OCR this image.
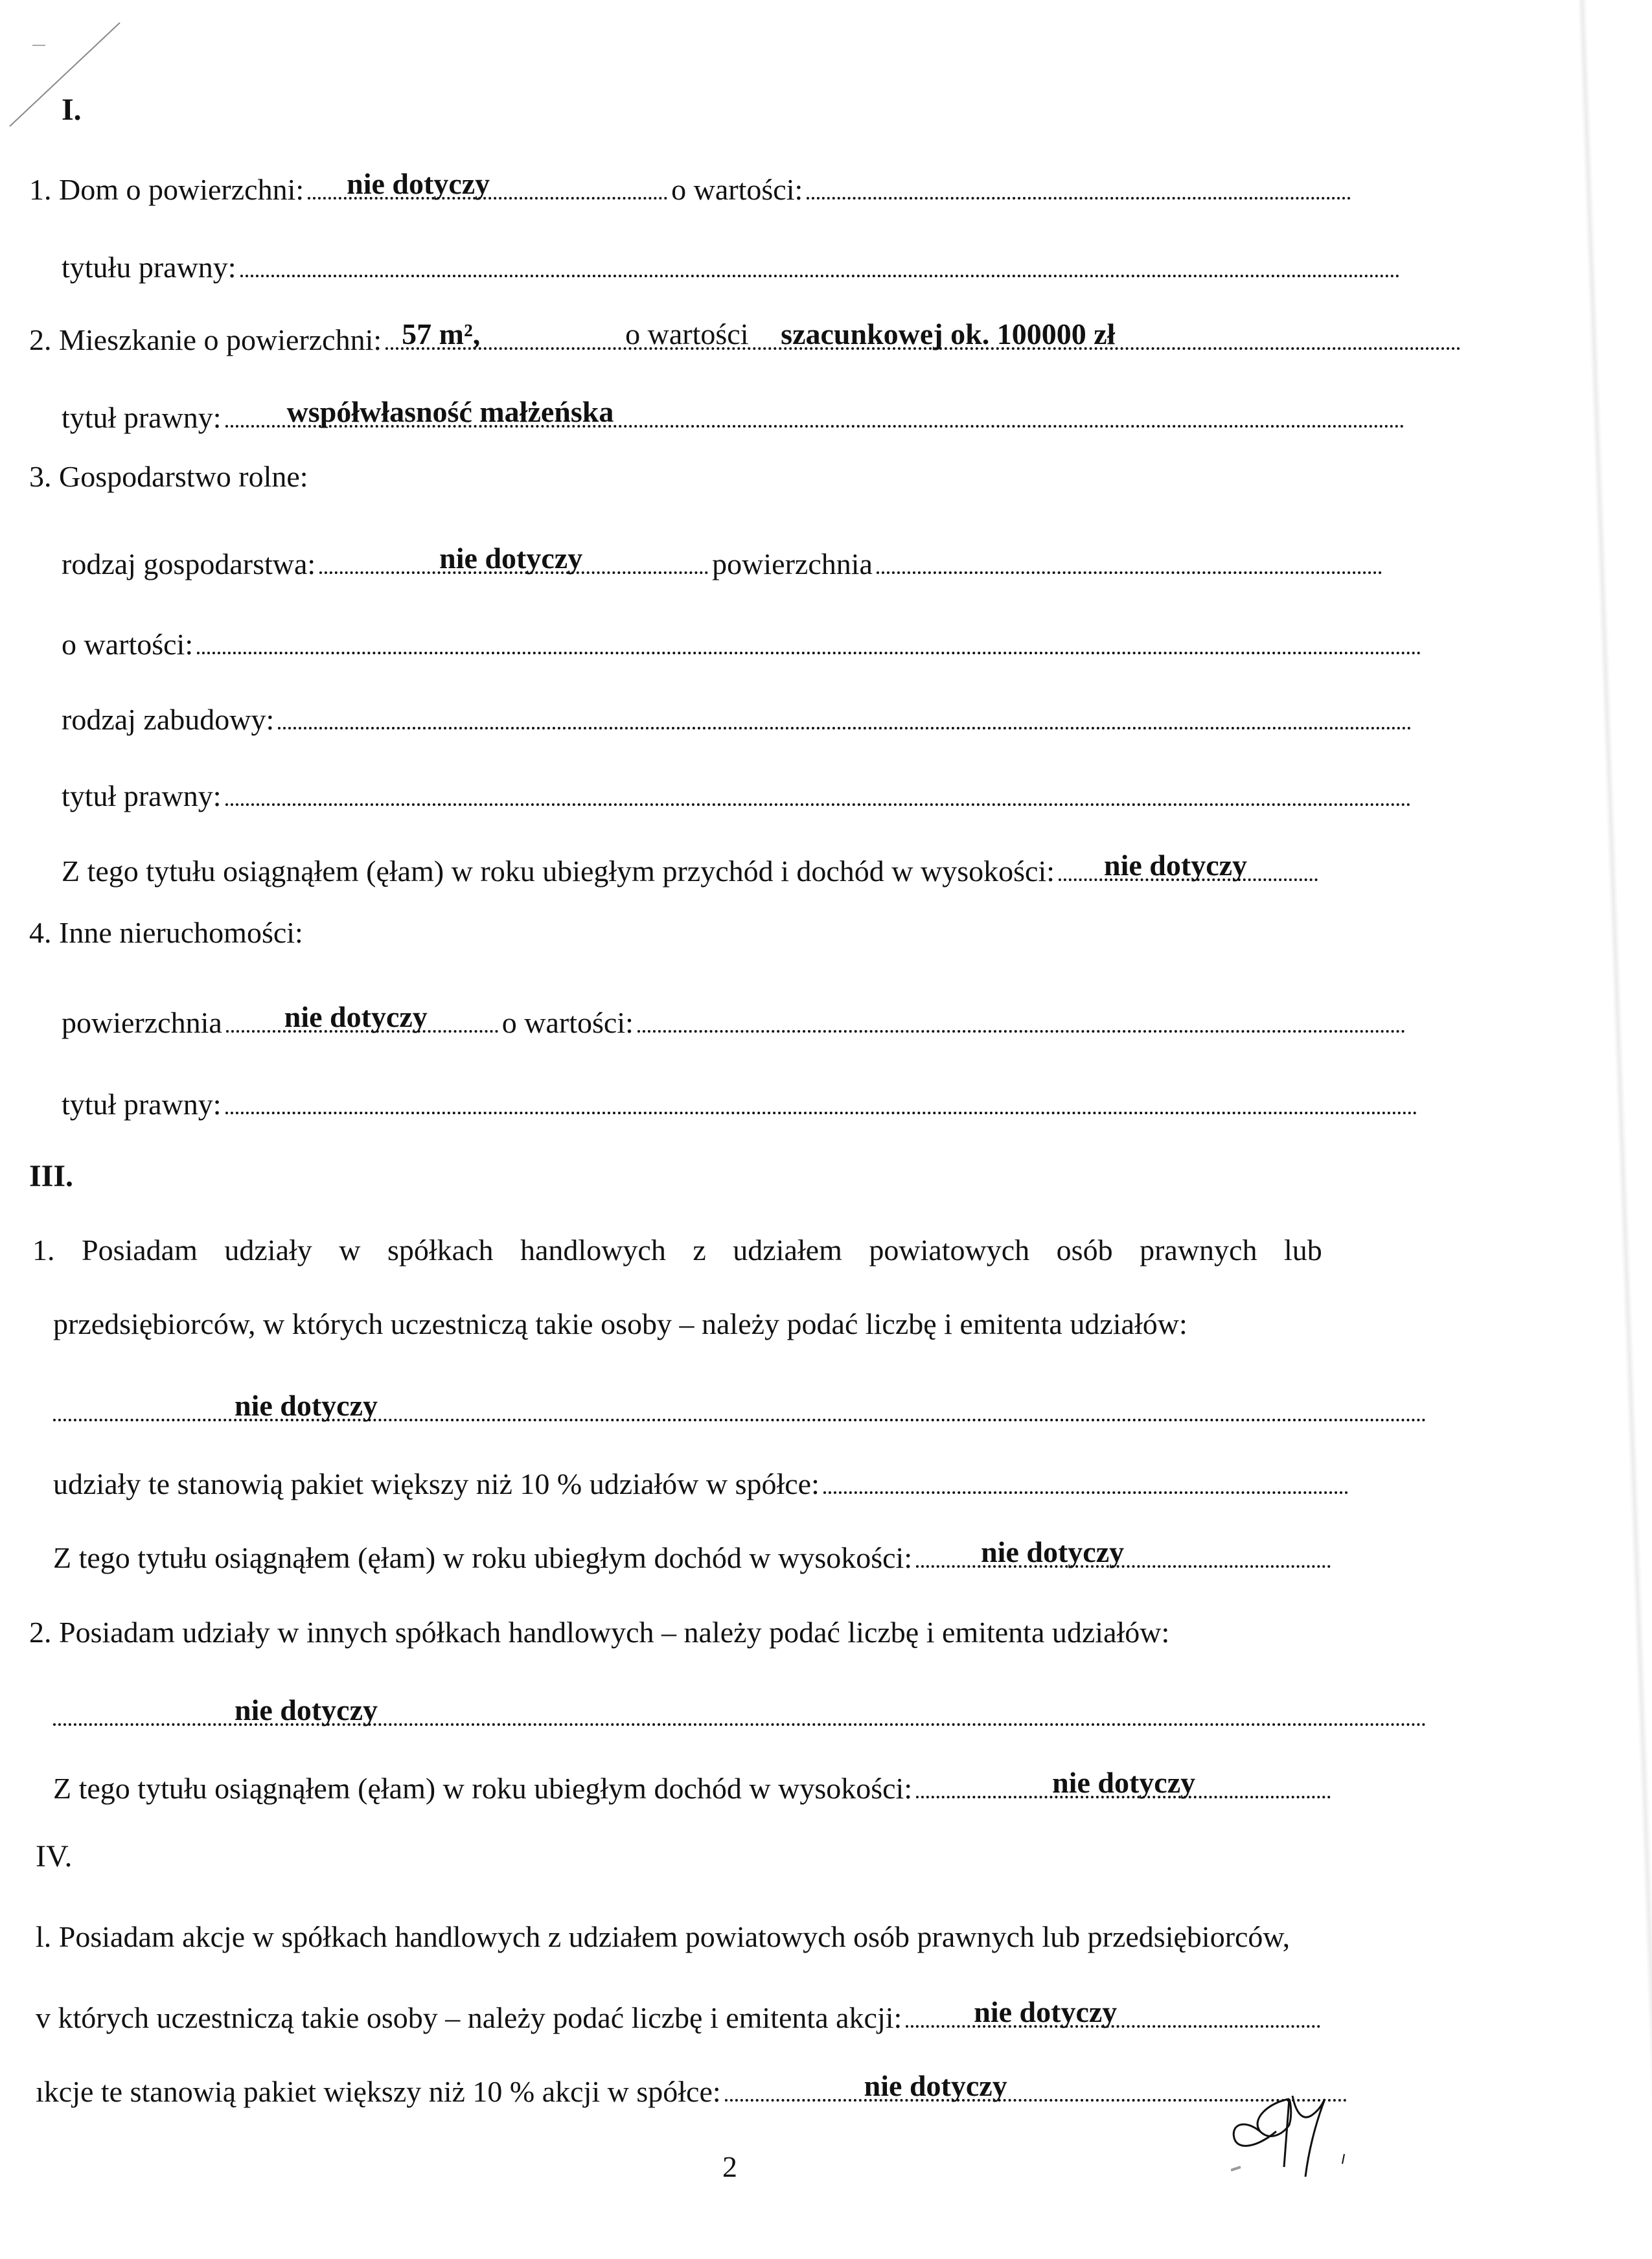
I.
1. Dom o powierzchni: nie dotyczy	o wartości:
tytułu prawny:
2. Mieszkanie o powierzchni: 57 m²,	o wartości szacunkowej ok. 100000 zł
tytuł prawny: współwłasność małżeńska
3. Gospodarstwo rolne:
rodzaj gospodarstwa:	nie dotyczy	powierzchnia
o wartości:
rodzaj zabudowy:
tytuł prawny:
Z tego tytułu osiągnąłem (ęłam) w roku ubiegłym przychód i dochód w wysokości: nie dotyczy
4. Inne nieruchomości:
powierzchnia nie dotyczy o wartości:
tytuł prawny:
III.
1. Posiadam udziały w spółkach handlowych z udziałem powiatowych osób prawnych lub
przedsiębiorców, w których uczestniczą takie osoby – należy podać liczbę i emitenta udziałów:
nie dotyczy
udziały te stanowią pakiet większy niż 10 % udziałów w spółce:
Z tego tytułu osiągnąłem (ęłam) w roku ubiegłym dochód w wysokości: nie dotyczy
2. Posiadam udziały w innych spółkach handlowych – należy podać liczbę i emitenta udziałów:
nie dotyczy
Z tego tytułu osiągnąłem (ęłam) w roku ubiegłym dochód w wysokości:	nie dotyczy
IV.
l. Posiadam akcje w spółkach handlowych z udziałem powiatowych osób prawnych lub przedsiębiorców,
v których uczestniczą takie osoby – należy podać liczbę i emitenta akcji: nie dotyczy
ıkcje te stanowią pakiet większy niż 10 % akcji w spółce:	nie dotyczy
2
